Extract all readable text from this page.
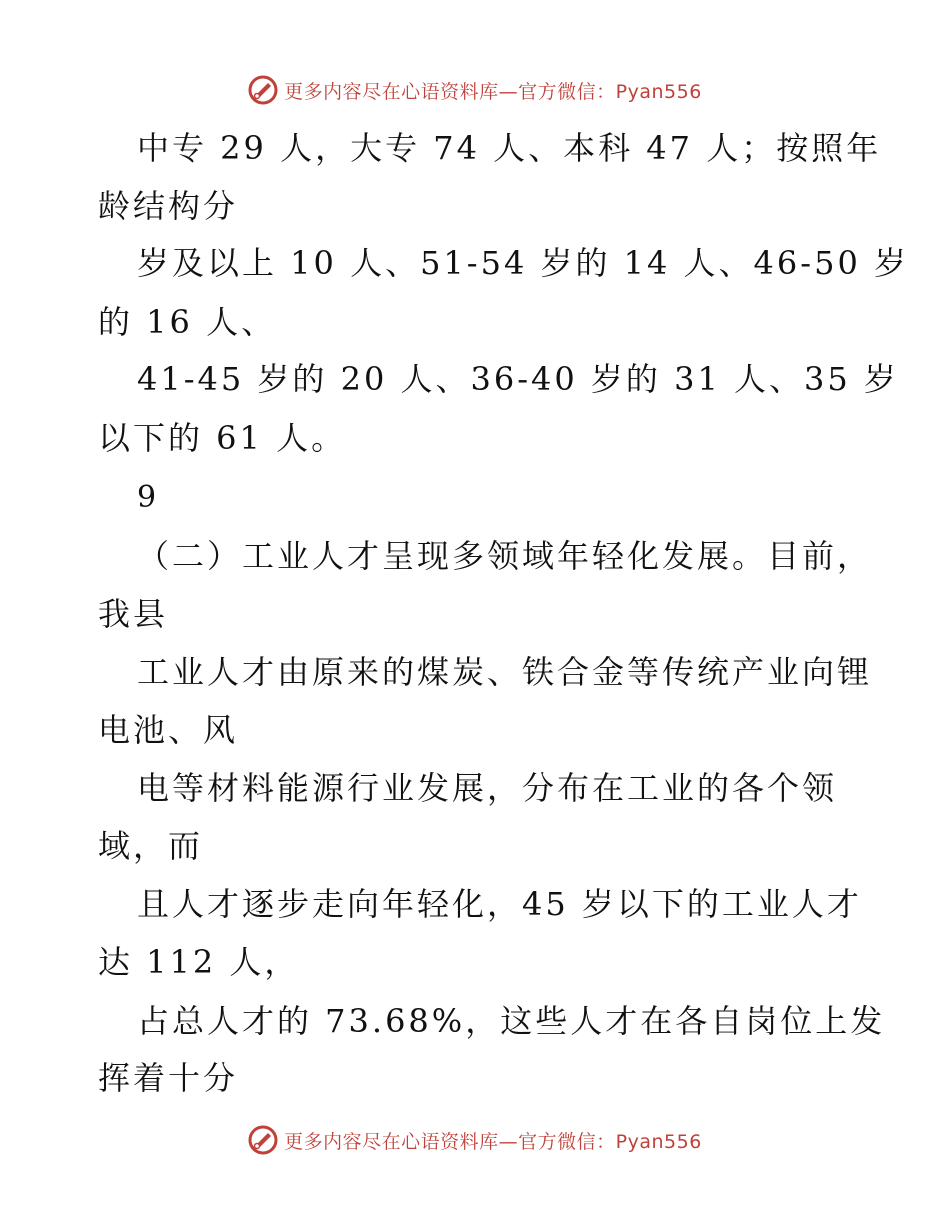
更多内容尽在心语资料库—官方微信：Pyan556
中专 29 人，大专 74 人、本科 47 人；按照年
龄结构分
岁及以上 10 人、51-54 岁的 14 人、46-50 岁
的 16 人、
41-45 岁的 20 人、36-40 岁的 31 人、35 岁
以下的 61 人。
9
（二）工业人才呈现多领域年轻化发展。目前，
我县
工业人才由原来的煤炭、铁合金等传统产业向锂
电池、风
电等材料能源行业发展，分布在工业的各个领
域，而
且人才逐步走向年轻化，45 岁以下的工业人才
达 112 人，
占总人才的 73.68%，这些人才在各自岗位上发
挥着十分
更多内容尽在心语资料库—官方微信：Pyan556
